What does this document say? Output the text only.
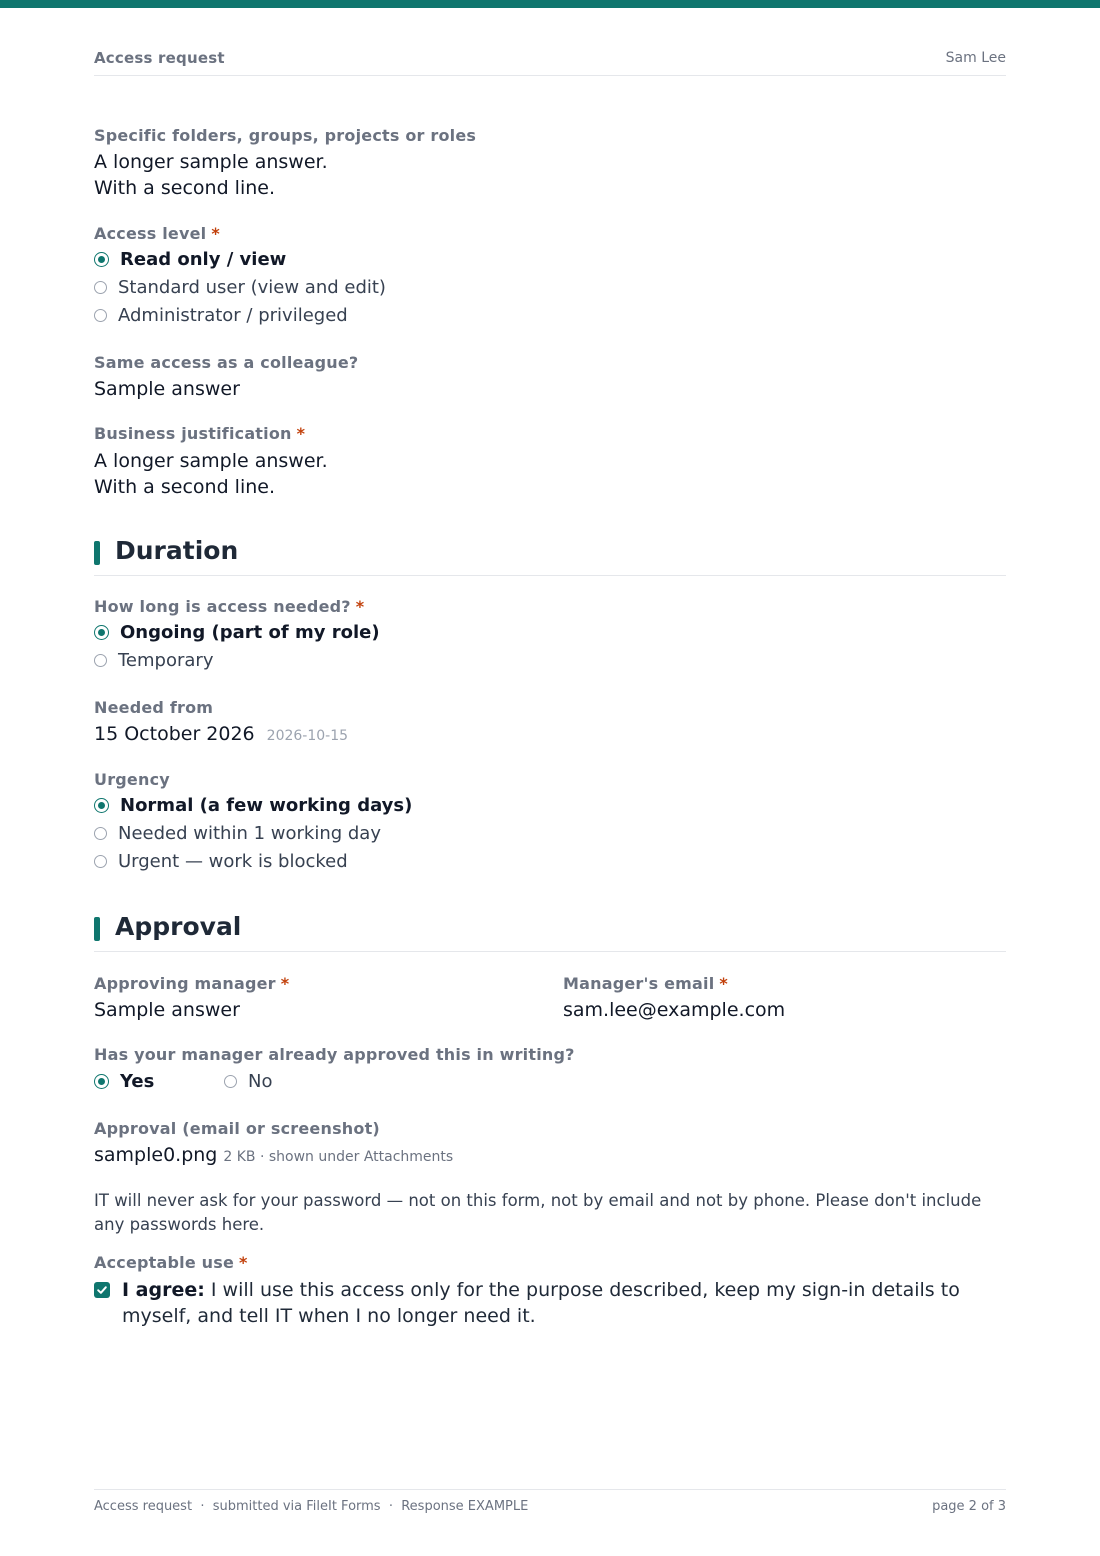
Access request	Sam Lee
Specific folders, groups, projects or roles
A longer sample answer.
With a second line.
Access level *
Read only / view
Standard user (view and edit)
Administrator / privileged
Same access as a colleague?
Sample answer
Business justification *
A longer sample answer.
With a second line.
Duration
How long is access needed? *
Ongoing (part of my role)
Temporary
Needed from
15 October 2026 2026-10-15
Urgency
Normal (a few working days)
Needed within 1 working day
Urgent — work is blocked
Approval
Approving manager *
Sample answer
Manager's email *
sam.lee@example.com
Has your manager already approved this in writing?
Yes	No
Approval (email or screenshot)
sample0.png 2 KB · shown under Attachments
IT will never ask for your password — not on this form, not by email and not by phone. Please don't include any passwords here.
Acceptable use *
I agree: I will use this access only for the purpose described, keep my sign-in details to myself, and tell IT when I no longer need it.
Access request  ·  submitted via FileIt Forms  ·  Response EXAMPLE	page 2 of 3
